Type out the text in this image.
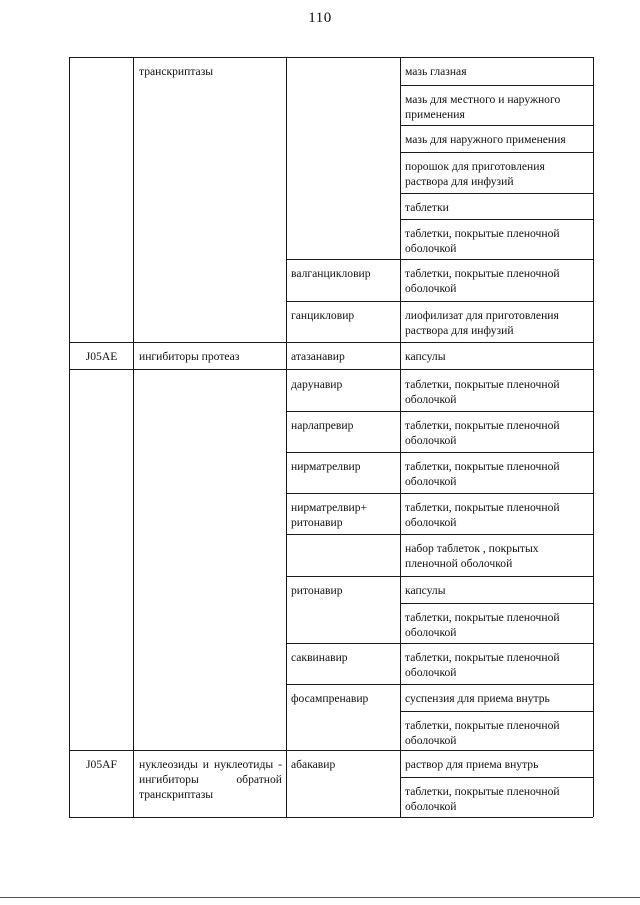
110
транскриптазы
J05AE	ингибиторы протеаз
J05AF	нуклеозиды и нуклеотиды - ингибиторы обратной транскриптазы
валганцикловир
ганцикловир
атазанавир
дарунавир
нарлапревир
нирматрелвир
нирматрелвир+ ритонавир
ритонавир
саквинавир
фосампренавир
абакавир
мазь глазная
мазь для местного и наружного применения
мазь для наружного применения
порошок для приготовления раствора для инфузий
таблетки
таблетки, покрытые пленочной оболочкой
таблетки, покрытые пленочной оболочкой
лиофилизат для приготовления раствора для инфузий
капсулы
таблетки, покрытые пленочной оболочкой
таблетки, покрытые пленочной оболочкой
таблетки, покрытые пленочной оболочкой
таблетки, покрытые пленочной оболочкой
набор таблеток , покрытых пленочной оболочкой
капсулы
таблетки, покрытые пленочной оболочкой
таблетки, покрытые пленочной оболочкой
суспензия для приема внутрь
таблетки, покрытые пленочной оболочкой
раствор для приема внутрь
таблетки, покрытые пленочной оболочкой
